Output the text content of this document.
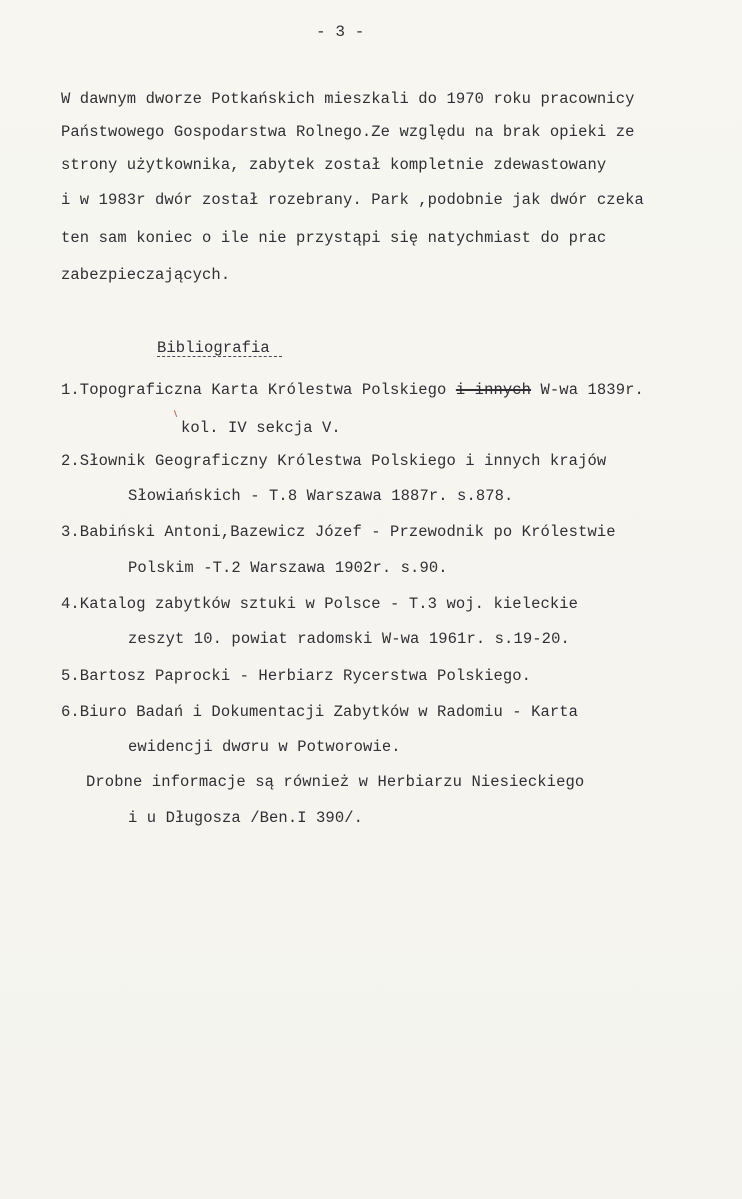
- 3 -
W dawnym dworze Potkańskich mieszkali do 1970 roku pracownicy
Państwowego Gospodarstwa Rolnego.Ze względu na brak opieki ze
strony użytkownika, zabytek został kompletnie zdewastowany
i w 1983r dwór został rozebrany. Park ,podobnie jak dwór czeka
ten sam koniec o ile nie przystąpi się natychmiast do prac
zabezpieczających.
Bibliografia
1.Topograficzna Karta Królestwa Polskiego i-innych W-wa 1839r.
kol. IV sekcja V.
2.Słownik Geograficzny Królestwa Polskiego i innych krajów
Słowiańskich - T.8 Warszawa 1887r. s.878.
3.Babiński Antoni,Bazewicz Józef - Przewodnik po Królestwie
Polskim -T.2 Warszawa 1902r. s.90.
4.Katalog zabytków sztuki w Polsce - T.3 woj. kieleckie
zeszyt 10. powiat radomski W-wa 1961r. s.19-20.
5.Bartosz Paprocki - Herbiarz Rycerstwa Polskiego.
6.Biuro Badań i Dokumentacji Zabytków w Radomiu - Karta
ewidencji dwσru w Potworowie.
Drobne informacje są również w Herbiarzu Niesieckiego
i u Długosza /Ben.I 390/.
